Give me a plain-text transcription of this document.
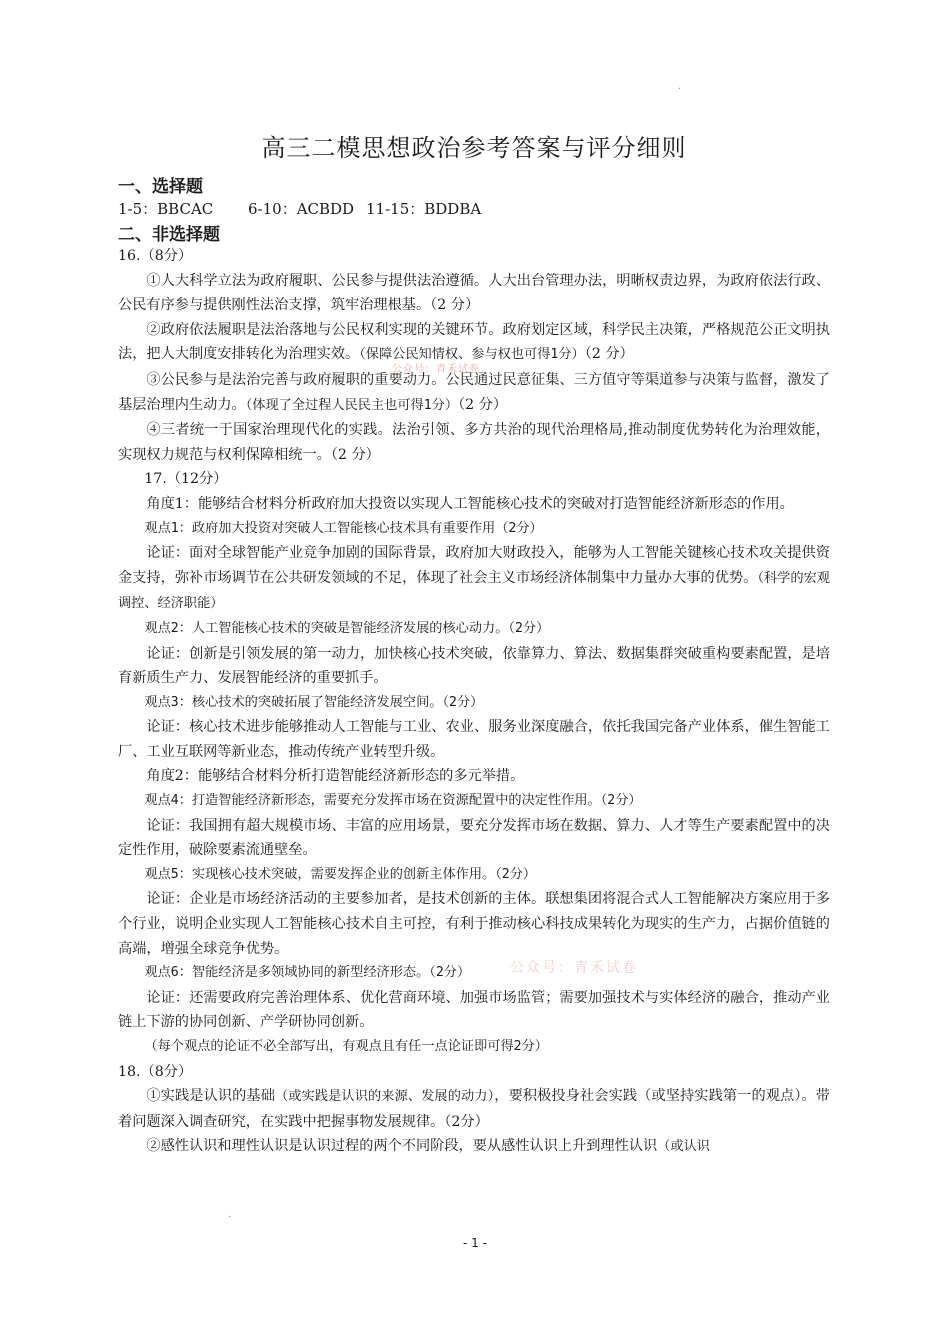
·
高三二模思想政治参考答案与评分细则
一、选择题
1-5：BBCAC 6-10：ACBDD 11-15：BDDBA
二、非选择题

16.（8分）

①人大科学立法为政府履职、公民参与提供法治遵循。人大出台管理办法，明晰权责边界，为政府依法行政、公民有序参与提供刚性法治支撑，筑牢治理根基。（2 分）

②政府依法履职是法治落地与公民权利实现的关键环节。政府划定区域，科学民主决策，严格规范公正文明执法，把人大制度安排转化为治理实效。（保障公民知情权、参与权也可得1分）（2 分）

③公民参与是法治完善与政府履职的重要动力。公民通过民意征集、三方值守等渠道参与决策与监督，激发了基层治理内生动力。（体现了全过程人民民主也可得1分）（2 分）

④三者统一于国家治理现代化的实践。法治引领、多方共治的现代治理格局,推动制度优势转化为治理效能，实现权力规范与权利保障相统一。（2 分）

17.（12分）

角度1：能够结合材料分析政府加大投资以实现人工智能核心技术的突破对打造智能经济新形态的作用。

观点1：政府加大投资对突破人工智能核心技术具有重要作用（2分）

论证：面对全球智能产业竞争加剧的国际背景，政府加大财政投入，能够为人工智能关键核心技术攻关提供资金支持，弥补市场调节在公共研发领域的不足，体现了社会主义市场经济体制集中力量办大事的优势。（科学的宏观调控、经济职能）

观点2：人工智能核心技术的突破是智能经济发展的核心动力。（2分）

论证：创新是引领发展的第一动力，加快核心技术突破，依靠算力、算法、数据集群突破重构要素配置，是培育新质生产力、发展智能经济的重要抓手。

观点3：核心技术的突破拓展了智能经济发展空间。（2分）

论证：核心技术进步能够推动人工智能与工业、农业、服务业深度融合，依托我国完备产业体系，催生智能工厂、工业互联网等新业态，推动传统产业转型升级。

角度2：能够结合材料分析打造智能经济新形态的多元举措。

观点4：打造智能经济新形态，需要充分发挥市场在资源配置中的决定性作用。（2分）

论证：我国拥有超大规模市场、丰富的应用场景，要充分发挥市场在数据、算力、人才等生产要素配置中的决定性作用，破除要素流通壁垒。

观点5：实现核心技术突破，需要发挥企业的创新主体作用。（2分）

论证：企业是市场经济活动的主要参加者，是技术创新的主体。联想集团将混合式人工智能解决方案应用于多个行业，说明企业实现人工智能核心技术自主可控，有利于推动核心科技成果转化为现实的生产力，占据价值链的高端，增强全球竞争优势。

观点6：智能经济是多领域协同的新型经济形态。（2分）

论证：还需要政府完善治理体系、优化营商环境、加强市场监管；需要加强技术与实体经济的融合，推动产业链上下游的协同创新、产学研协同创新。

（每个观点的论证不必全部写出，有观点且有任一点论证即可得2分）

18.（8分）

①实践是认识的基础（或实践是认识的来源、发展的动力），要积极投身社会实践（或坚持实践第一的观点）。带着问题深入调查研究，在实践中把握事物发展规律。（2分）

②感性认识和理性认识是认识过程的两个不同阶段，要从感性认识上升到理性认识（或认识

公众号：青禾试卷
公众号：青禾试卷
·
- 1 -
